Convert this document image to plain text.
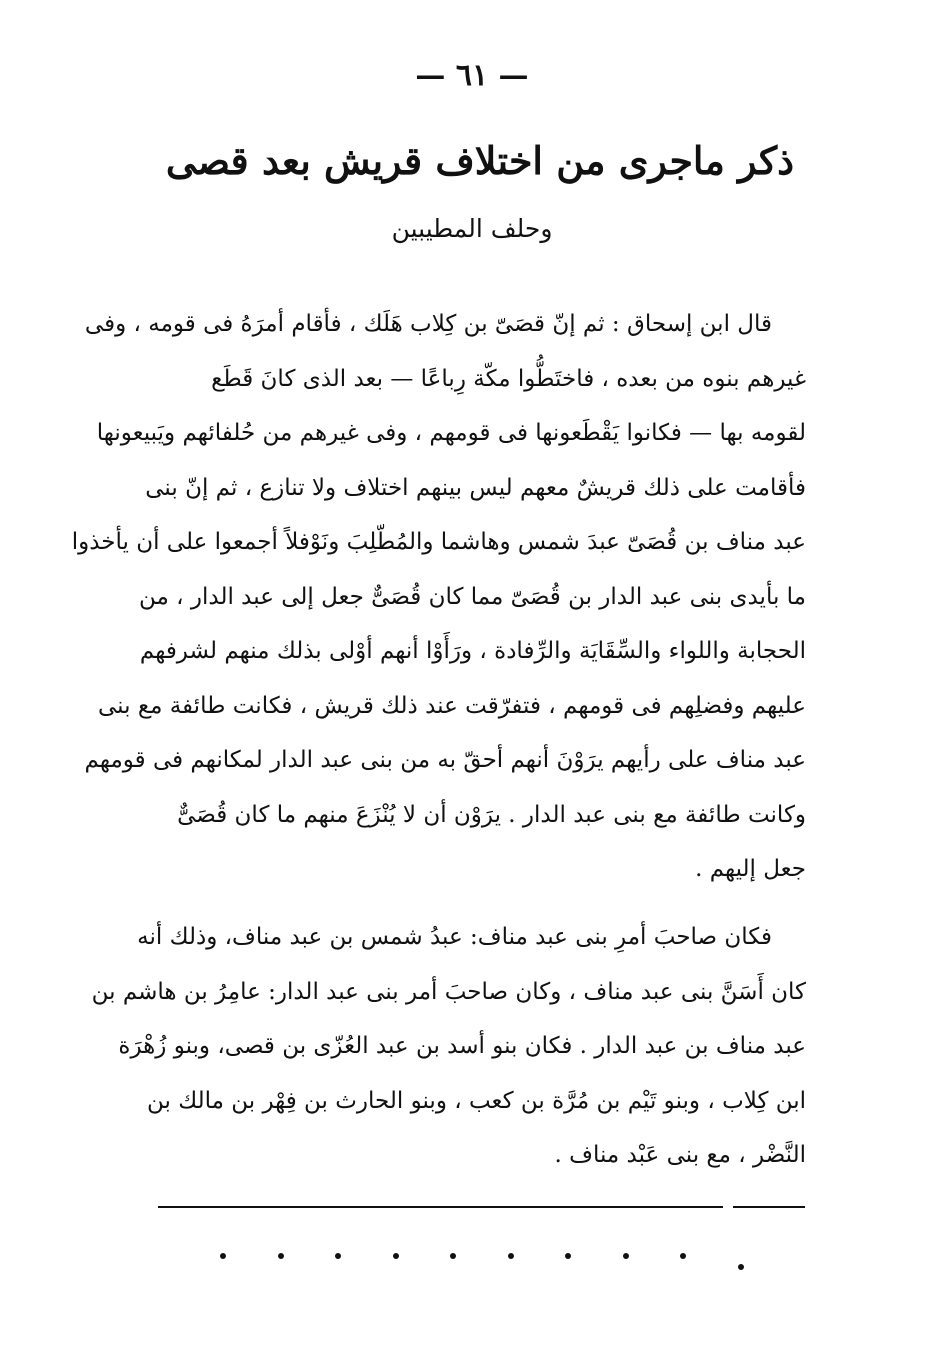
— ٦١ —
ذكر ماجرى من اختلاف قريش بعد قصى
وحلف المطيبين
قال ابن إسحاق : ثم إنّ قصَىّ بن كِلاب هَلَك ، فأقام أمرَهُ فى قومه ، وفى
غيرهم بنوه من بعده ، فاختَطُّوا مكّة رِباعًا — بعد الذى كانَ قَطَع
لقومه بها — فكانوا يَقْطَعونها فى قومهم ، وفى غيرهم من حُلفائهم ويَبيعونها
فأقامت على ذلك قريشٌ معهم ليس بينهم اختلاف ولا تنازع ، ثم إنّ بنى
عبد مناف بن قُصَىّ عبدَ شمس وهاشما والمُطّلِبَ ونَوْفلاً أجمعوا على أن يأخذوا
ما بأيدى بنى عبد الدار بن قُصَىّ مما كان قُصَىٌّ جعل إلى عبد الدار ، من
الحجابة واللواء والسِّقَايَة والرِّفادة ، ورَأَوْا أنهم أوْلى بذلك منهم لشرفهم
عليهم وفضلِهم فى قومهم ، فتفرّقت عند ذلك قريش ، فكانت طائفة مع بنى
عبد مناف على رأيهم يرَوْنَ أنهم أحقّ به من بنى عبد الدار لمكانهم فى قومهم
وكانت طائفة مع بنى عبد الدار . يرَوْن أن لا يُنْزَعَ منهم ما كان قُصَىٌّ
جعل إليهم .
فكان صاحبَ أمرِ بنى عبد مناف: عبدُ شمس بن عبد مناف، وذلك أنه
كان أَسَنَّ بنى عبد مناف ، وكان صاحبَ أمر بنى عبد الدار: عامِرُ بن هاشم بن
عبد مناف بن عبد الدار . فكان بنو أسد بن عبد العُزّى بن قصى، وبنو زُهْرَة
ابن كِلاب ، وبنو تَيْم بن مُرَّة بن كعب ، وبنو الحارث بن فِهْر بن مالك بن
النَّضْر ، مع بنى عَبْد مناف .
